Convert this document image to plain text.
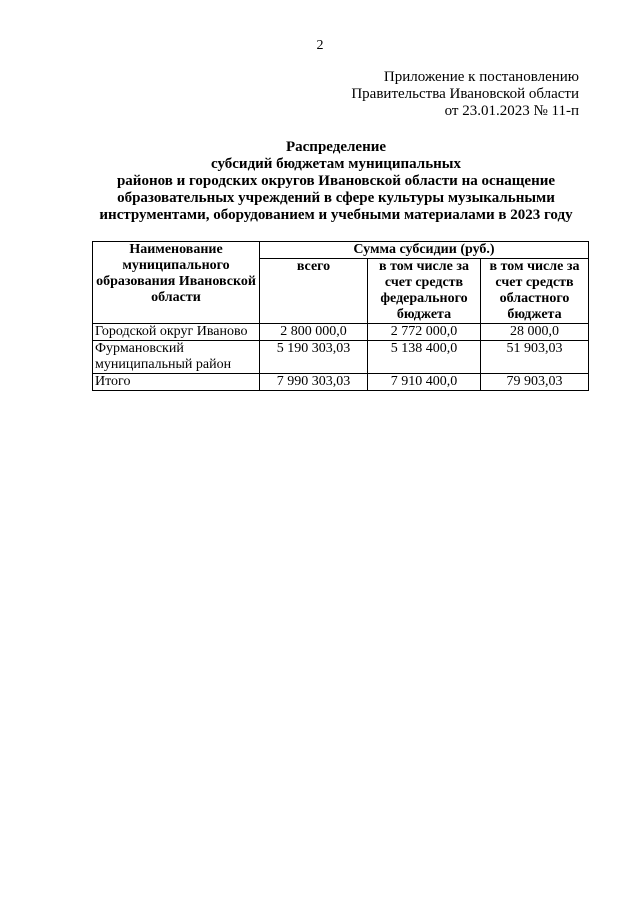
2
Приложение к постановлению
Правительства Ивановской области
от 23.01.2023 № 11-п
Распределение
субсидий бюджетам муниципальных
районов и городских округов Ивановской области на оснащение
образовательных учреждений в сфере культуры музыкальными
инструментами, оборудованием и учебными материалами в 2023 году
Наименование муниципального образования Ивановской области	Сумма субсидии (руб.)		
	всего	в том числе за счет средств федерального бюджета	в том числе за счет средств областного бюджета
Городской округ Иваново	2 800 000,0	2 772 000,0	28 000,0
Фурмановский муниципальный район	5 190 303,03	5 138 400,0	51 903,03
Итого	7 990 303,03	7 910 400,0	79 903,03
